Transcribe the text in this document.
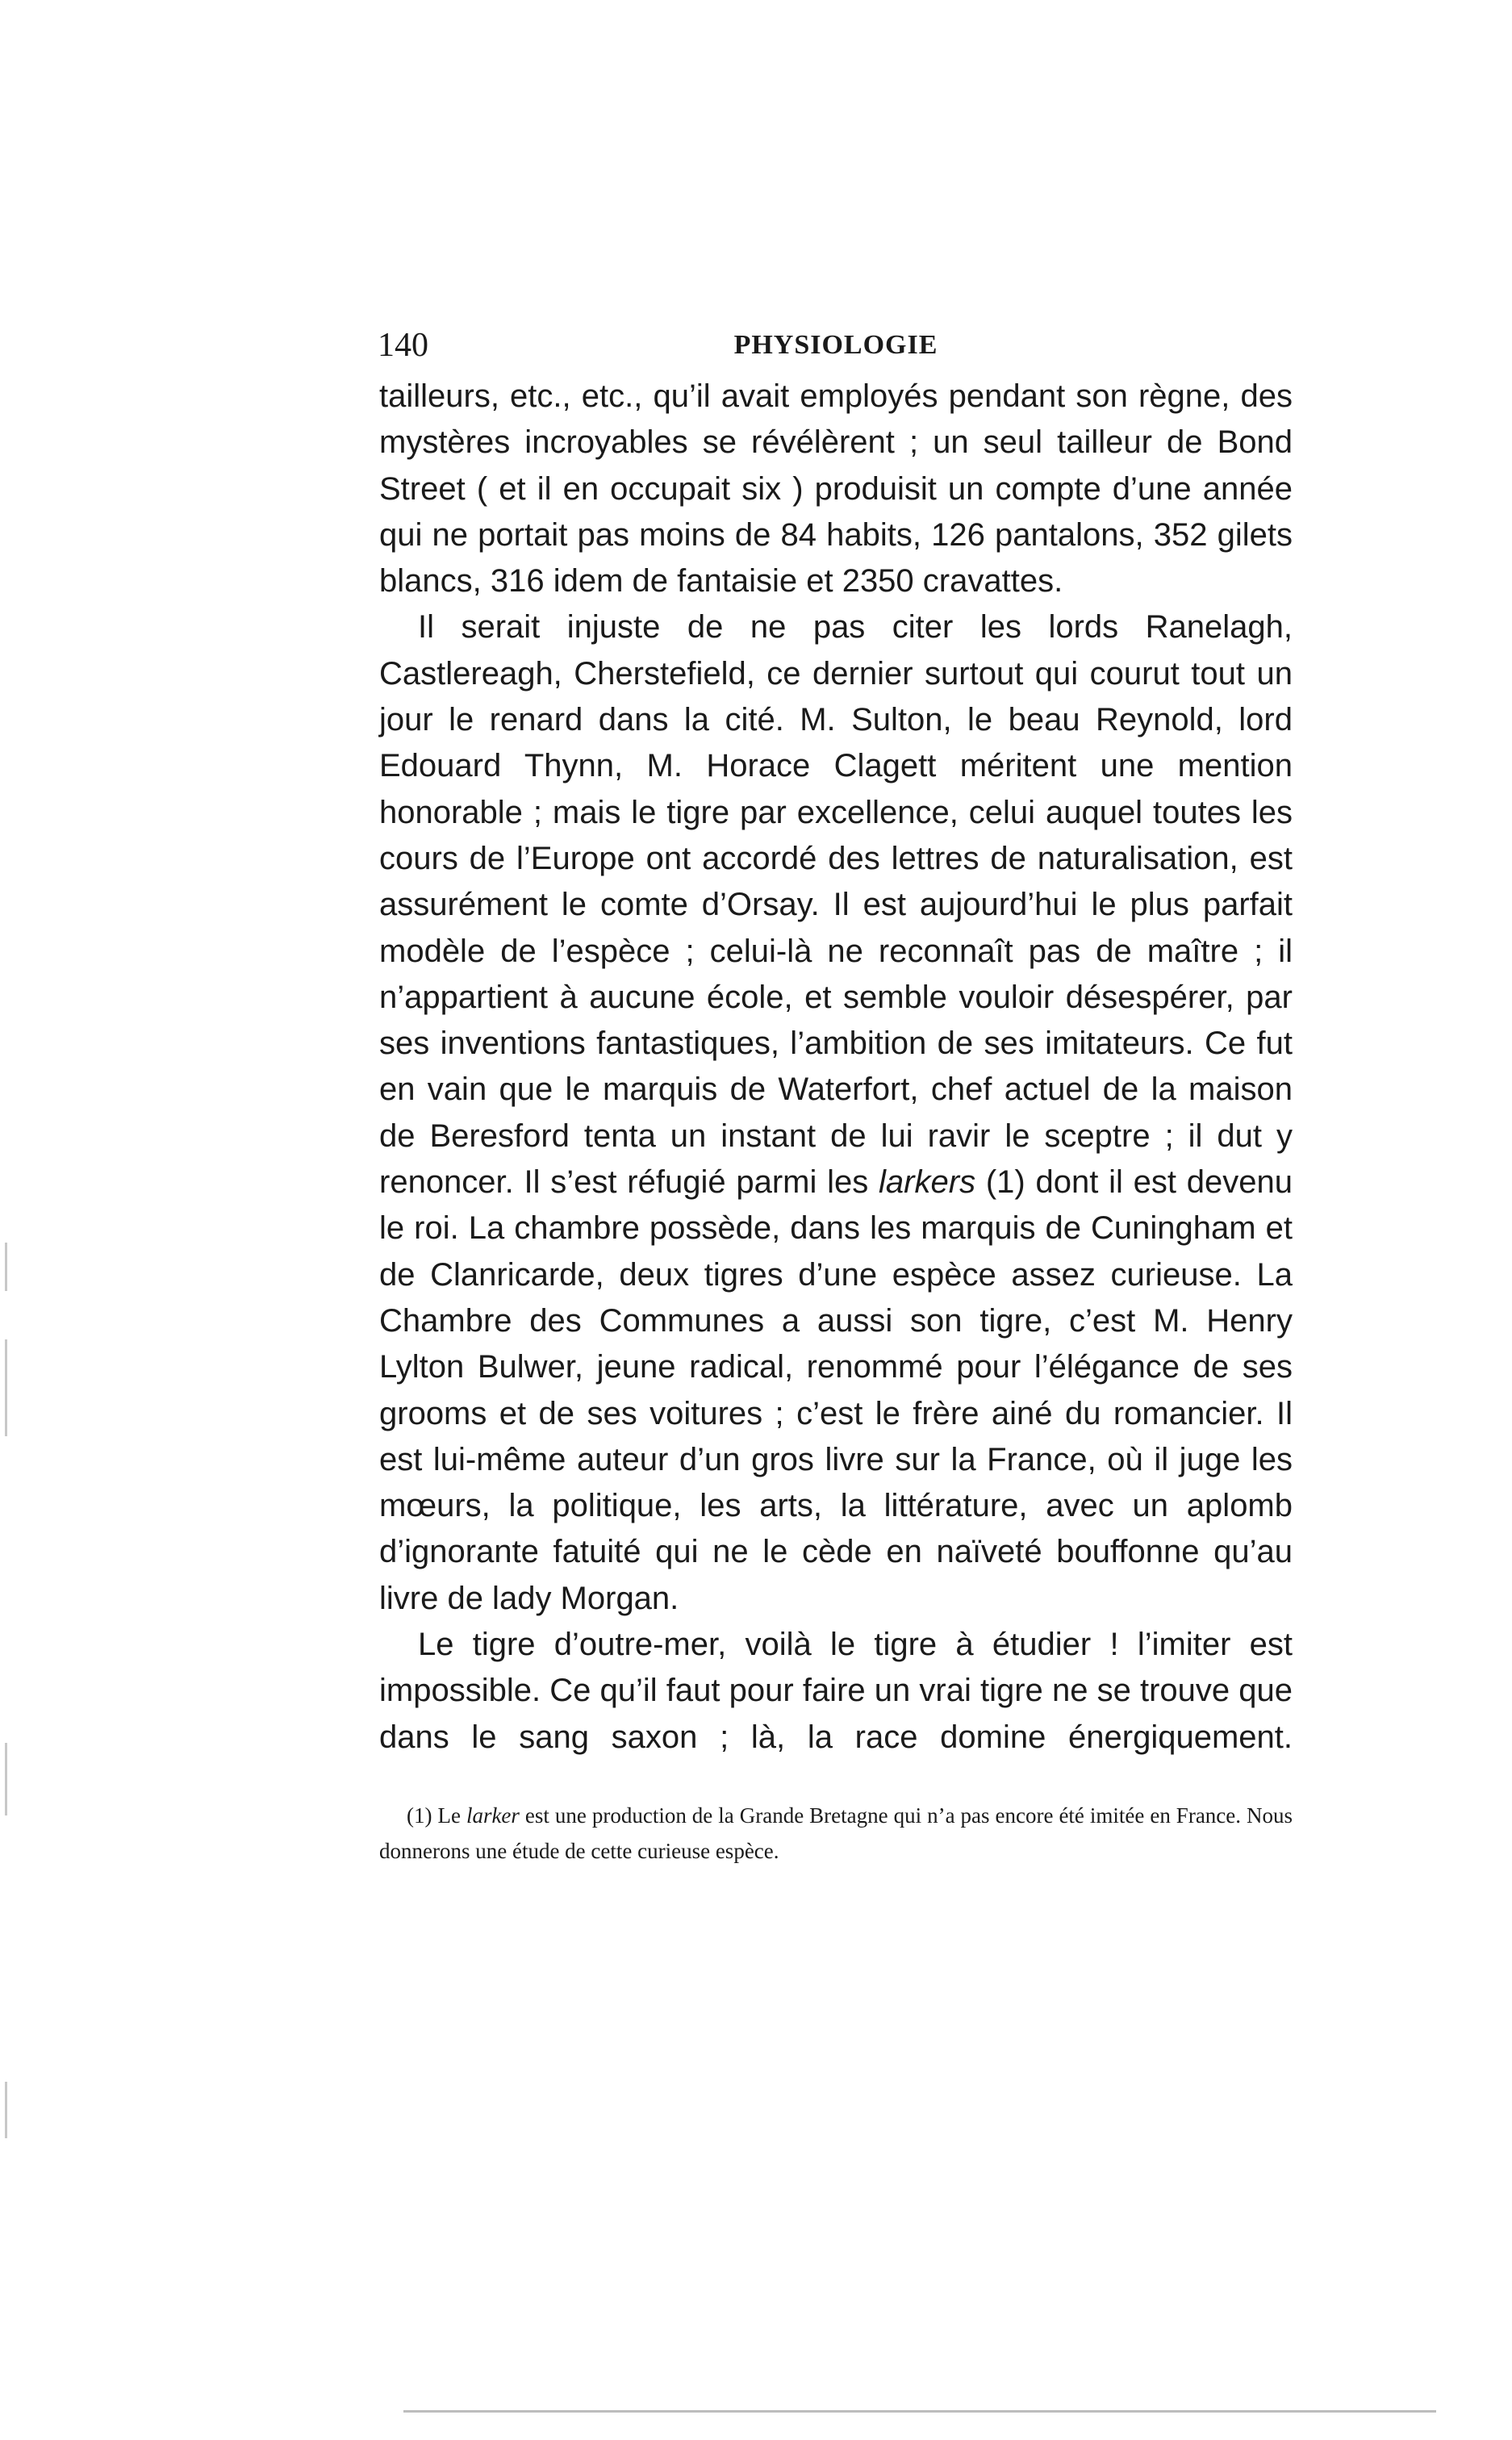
140	PHYSIOLOGIE

tailleurs, etc., etc., qu’il avait employés pendant son règne, des mystères incroyables se révélèrent ; un seul tailleur de Bond Street ( et il en occupait six ) produisit un compte d’une année qui ne portait pas moins de 84 habits, 126 pantalons, 352 gilets blancs, 316 idem de fantaisie et 2350 cravattes.

Il serait injuste de ne pas citer les lords Ranelagh, Castlereagh, Cherstefield, ce dernier surtout qui courut tout un jour le renard dans la cité. M. Sulton, le beau Reynold, lord Edouard Thynn, M. Horace Clagett méritent une mention honorable ; mais le tigre par excellence, celui auquel toutes les cours de l’Europe ont accordé des lettres de naturalisation, est assurément le comte d’Orsay. Il est aujourd’hui le plus parfait modèle de l’espèce ; celui-là ne reconnaît pas de maître ; il n’appartient à aucune école, et semble vouloir désespérer, par ses inventions fantastiques, l’ambition de ses imitateurs. Ce fut en vain que le marquis de Waterfort, chef actuel de la maison de Beresford tenta un instant de lui ravir le sceptre ; il dut y renoncer. Il s’est réfugié parmi les larkers (1) dont il est devenu le roi. La chambre possède, dans les marquis de Cuningham et de Clanricarde, deux tigres d’une espèce assez curieuse. La Chambre des Communes a aussi son tigre, c’est M. Henry Lylton Bulwer, jeune radical, renommé pour l’élégance de ses grooms et de ses voitures ; c’est le frère ainé du romancier. Il est lui-même auteur d’un gros livre sur la France, où il juge les mœurs, la politique, les arts, la littérature, avec un aplomb d’ignorante fatuité qui ne le cède en naïveté bouffonne qu’au livre de lady Morgan.

Le tigre d’outre-mer, voilà le tigre à étudier ! l’imiter est impossible. Ce qu’il faut pour faire un vrai tigre ne se trouve que dans le sang saxon ; là, la race domine énergiquement.

(1) Le larker est une production de la Grande Bretagne qui n’a pas encore été imitée en France. Nous donnerons une étude de cette curieuse espèce.
